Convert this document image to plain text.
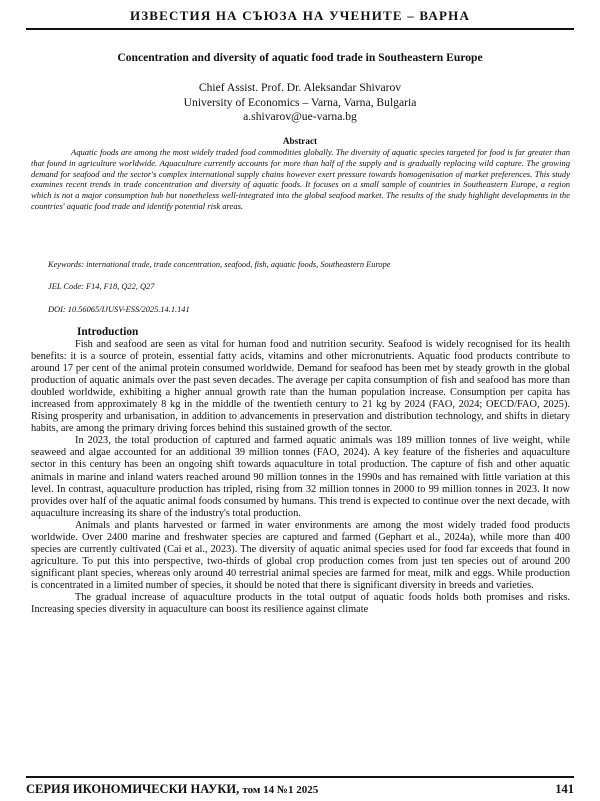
ИЗВЕСТИЯ НА СЪЮЗА НА УЧЕНИТЕ – ВАРНА
Concentration and diversity of aquatic food trade in Southeastern Europe
Chief Assist. Prof. Dr. Aleksandar Shivarov
University of Economics – Varna, Varna, Bulgaria
a.shivarov@ue-varna.bg
Abstract

Aquatic foods are among the most widely traded food commodities globally. The diversity of aquatic species targeted for food is far greater than that found in agriculture worldwide. Aquaculture currently accounts for more than half of the supply and is gradually replacing wild capture. The growing demand for seafood and the sector's complex international supply chains however exert pressure towards homogenisation of market preferences. This study examines recent trends in trade concentration and diversity of aquatic foods. It focuses on a small sample of countries in Southeastern Europe, a region which is not a major consumption hub but nonetheless well-integrated into the global seafood market. The results of the study highlight developments in the countries' aquatic food trade and identify potential risk areas.

Keywords: international trade, trade concentration, seafood, fish, aquatic foods, Southeastern Europe
JEL Code: F14, F18, Q22, Q27
DOI: 10.56065/IJUSV-ESS/2025.14.1.141
Introduction

Fish and seafood are seen as vital for human food and nutrition security. Seafood is widely recognised for its health benefits: it is a source of protein, essential fatty acids, vitamins and other micronutrients. Aquatic food products contribute to around 17 per cent of the animal protein consumed worldwide. Demand for seafood has been met by steady growth in the global production of aquatic animals over the past seven decades. The average per capita consumption of fish and seafood has more than doubled worldwide, exhibiting a higher annual growth rate than the human population increase. Consumption per capita has increased from approximately 8 kg in the middle of the twentieth century to 21 kg by 2024 (FAO, 2024; OECD/FAO, 2025). Rising prosperity and urbanisation, in addition to advancements in preservation and distribution technology, and shifts in dietary habits, are among the primary driving forces behind this sustained growth of the sector.

In 2023, the total production of captured and farmed aquatic animals was 189 million tonnes of live weight, while seaweed and algae accounted for an additional 39 million tonnes (FAO, 2024). A key feature of the fisheries and aquaculture sector in this century has been an ongoing shift towards aquaculture in total production. The capture of fish and other aquatic animals in marine and inland waters reached around 90 million tonnes in the 1990s and has remained with little variation at this level. In contrast, aquaculture production has tripled, rising from 32 million tonnes in 2000 to 99 million tonnes in 2023. It now provides over half of the aquatic animal foods consumed by humans. This trend is expected to continue over the next decade, with aquaculture increasing its share of the industry's total production.

Animals and plants harvested or farmed in water environments are among the most widely traded food products worldwide. Over 2400 marine and freshwater species are captured and farmed (Gephart et al., 2024a), while more than 400 species are currently cultivated (Cai et al., 2023). The diversity of aquatic animal species used for food far exceeds that found in agriculture. To put this into perspective, two-thirds of global crop production comes from just ten species out of around 200 significant plant species, whereas only around 40 terrestrial animal species are farmed for meat, milk and eggs. While production is concentrated in a limited number of species, it should be noted that there is significant diversity in breeds and varieties.

The gradual increase of aquaculture products in the total output of aquatic foods holds both promises and risks. Increasing species diversity in aquaculture can boost its resilience against climate

СЕРИЯ ИКОНОМИЧЕСКИ НАУКИ, том 14 №1 2025	141
